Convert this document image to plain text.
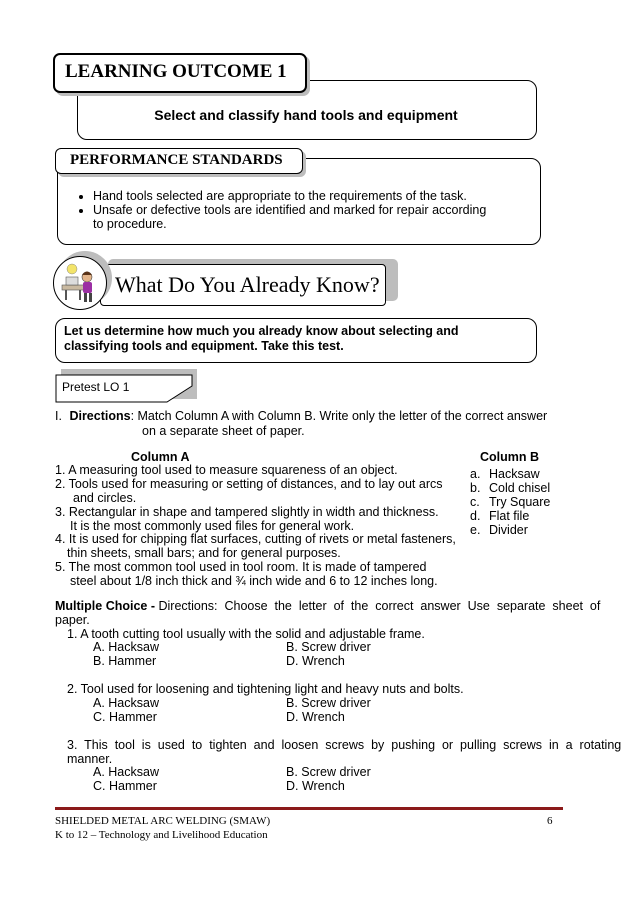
Select and classify hand tools and equipment
LEARNING OUTCOME 1
PERFORMANCE STANDARDS
• Hand tools selected are appropriate to the requirements of the task.
• Unsafe or defective tools are identified and marked for repair according to procedure.
What Do You Already Know?
Let us determine how much you already know about selecting and classifying tools and equipment. Take this test.
Pretest LO 1
I. Directions: Match Column A with Column B. Write only the letter of the correct answer
on a separate sheet of paper.
Column A	Column B
1. A measuring tool used to measure squareness of an object.
2. Tools used for measuring or setting of distances, and to lay out arcs
and circles.
3. Rectangular in shape and tampered slightly in width and thickness.
It is the most commonly used files for general work.
4. It is used for chipping flat surfaces, cutting of rivets or metal fasteners,
thin sheets, small bars; and for general purposes.
5. The most common tool used in tool room. It is made of tampered
steel about 1/8 inch thick and ¾ inch wide and 6 to 12 inches long.
a. Hacksaw
b. Cold chisel
c. Try Square
d. Flat file
e. Divider
Multiple Choice - Directions:  Choose  the  letter  of  the  correct  answer  Use  separate  sheet  of
paper.
1. A tooth cutting tool usually with the solid and adjustable frame.
A. Hacksaw	B. Screw driver
B. Hammer	D. Wrench
2. Tool used for loosening and tightening light and heavy nuts and bolts.
A. Hacksaw	B. Screw driver
C. Hammer	D. Wrench
3.  This  tool  is  used  to  tighten  and  loosen  screws  by  pushing  or  pulling  screws  in  a  rotating
manner.
A. Hacksaw	B. Screw driver
C. Hammer	D. Wrench
SHIELDED METAL ARC WELDING (SMAW)
K to 12 – Technology and Livelihood Education
6
